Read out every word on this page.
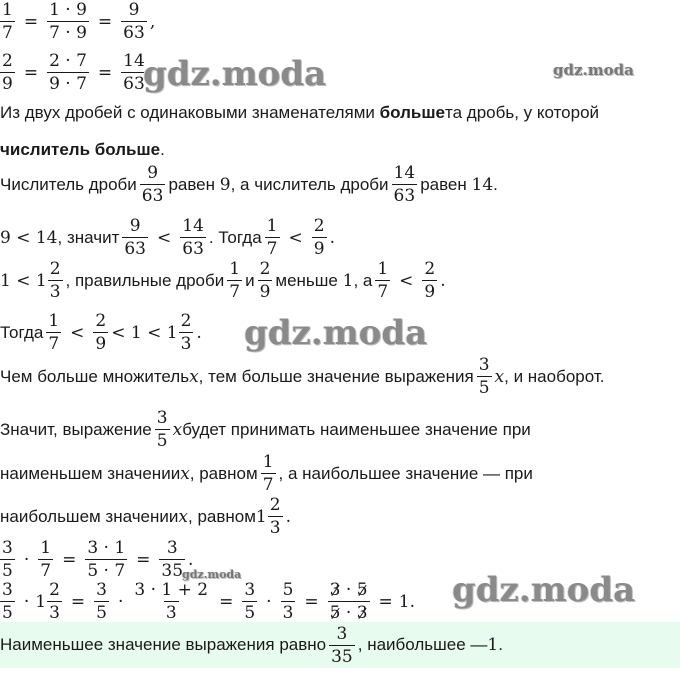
$\frac{1}{7} = \frac{1 \cdot 9}{7 \cdot 9} = \frac{9}{63}$ ,
$\frac{2}{9} = \frac{2 \cdot 7}{9 \cdot 7} = \frac{14}{63}$
gdz.moda	gdz.moda
Из двух дробей с одинаковыми знаменателями
больше та дробь, у которой
числитель больше .
Числитель дроби $\frac{9}{63}$ равен
9 , а числитель дроби $\frac{14}{63}$ равен
14 .
9 < 14 , значит $\frac{9}{63} < \frac{14}{63}$ . Тогда $\frac{1}{7} < \frac{2}{9}$ .
$1 < 1 \frac{2}{3}$ , правильные дроби $\frac{1}{7}$ и $\frac{2}{9}$ меньше
1 , а $\frac{1}{7} < \frac{2}{9}$ .
Тогда $\frac{1}{7} < \frac{2}{9} < 1 < 1 \frac{2}{3}$ . gdz.moda
Чем больше множитель x , тем больше значение выражения $\frac{3}{5}$ x , и наоборот.
Значит, выражение $\frac{3}{5}$ x будет принимать наименьшее значение при
наименьшем значении x , равном $\frac{1}{7}$ , а наибольшее значение — при
наибольшем значении x , равном $1 \frac{2}{3}$ .
$\frac{3}{5} \cdot \frac{1}{7} = \frac{3 \cdot 1}{5 \cdot 7} = \frac{3}{35}$ .
gdz.moda
$\frac{3}{5} \cdot 1 \frac{2}{3} = \frac{3}{5} \cdot \frac{3 \cdot 1 + 2}{3} = \frac{3}{5} \cdot \frac{5}{3} = \frac{3 \cdot 5}{5 \cdot 3} = 1$ . gdz.moda
Наименьшее значение выражения равно $\frac{3}{35}$ , наибольшее — 1 .
